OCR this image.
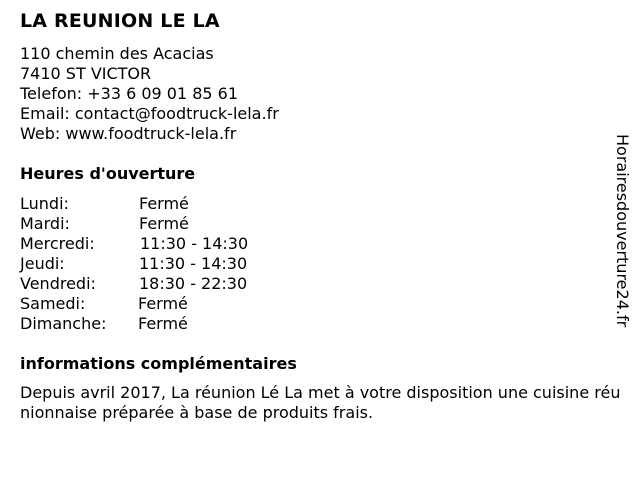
LA REUNION LE LA
110 chemin des Acacias
7410 ST VICTOR
Telefon: +33 6 09 01 85 61
Email: contact@foodtruck-lela.fr
Web: www.foodtruck-lela.fr
Heures d'ouverture
Lundi:	Fermé
Mardi:	Fermé
Mercredi:	11:30 - 14:30
Jeudi:	11:30 - 14:30
Vendredi:	18:30 - 22:30
Samedi:	Fermé
Dimanche: Fermé
informations complémentaires
Depuis avril 2017, La réunion Lé La met à votre disposition une cuisine réunionnaise préparée à base de produits frais.
Horairesdouverture24.fr
